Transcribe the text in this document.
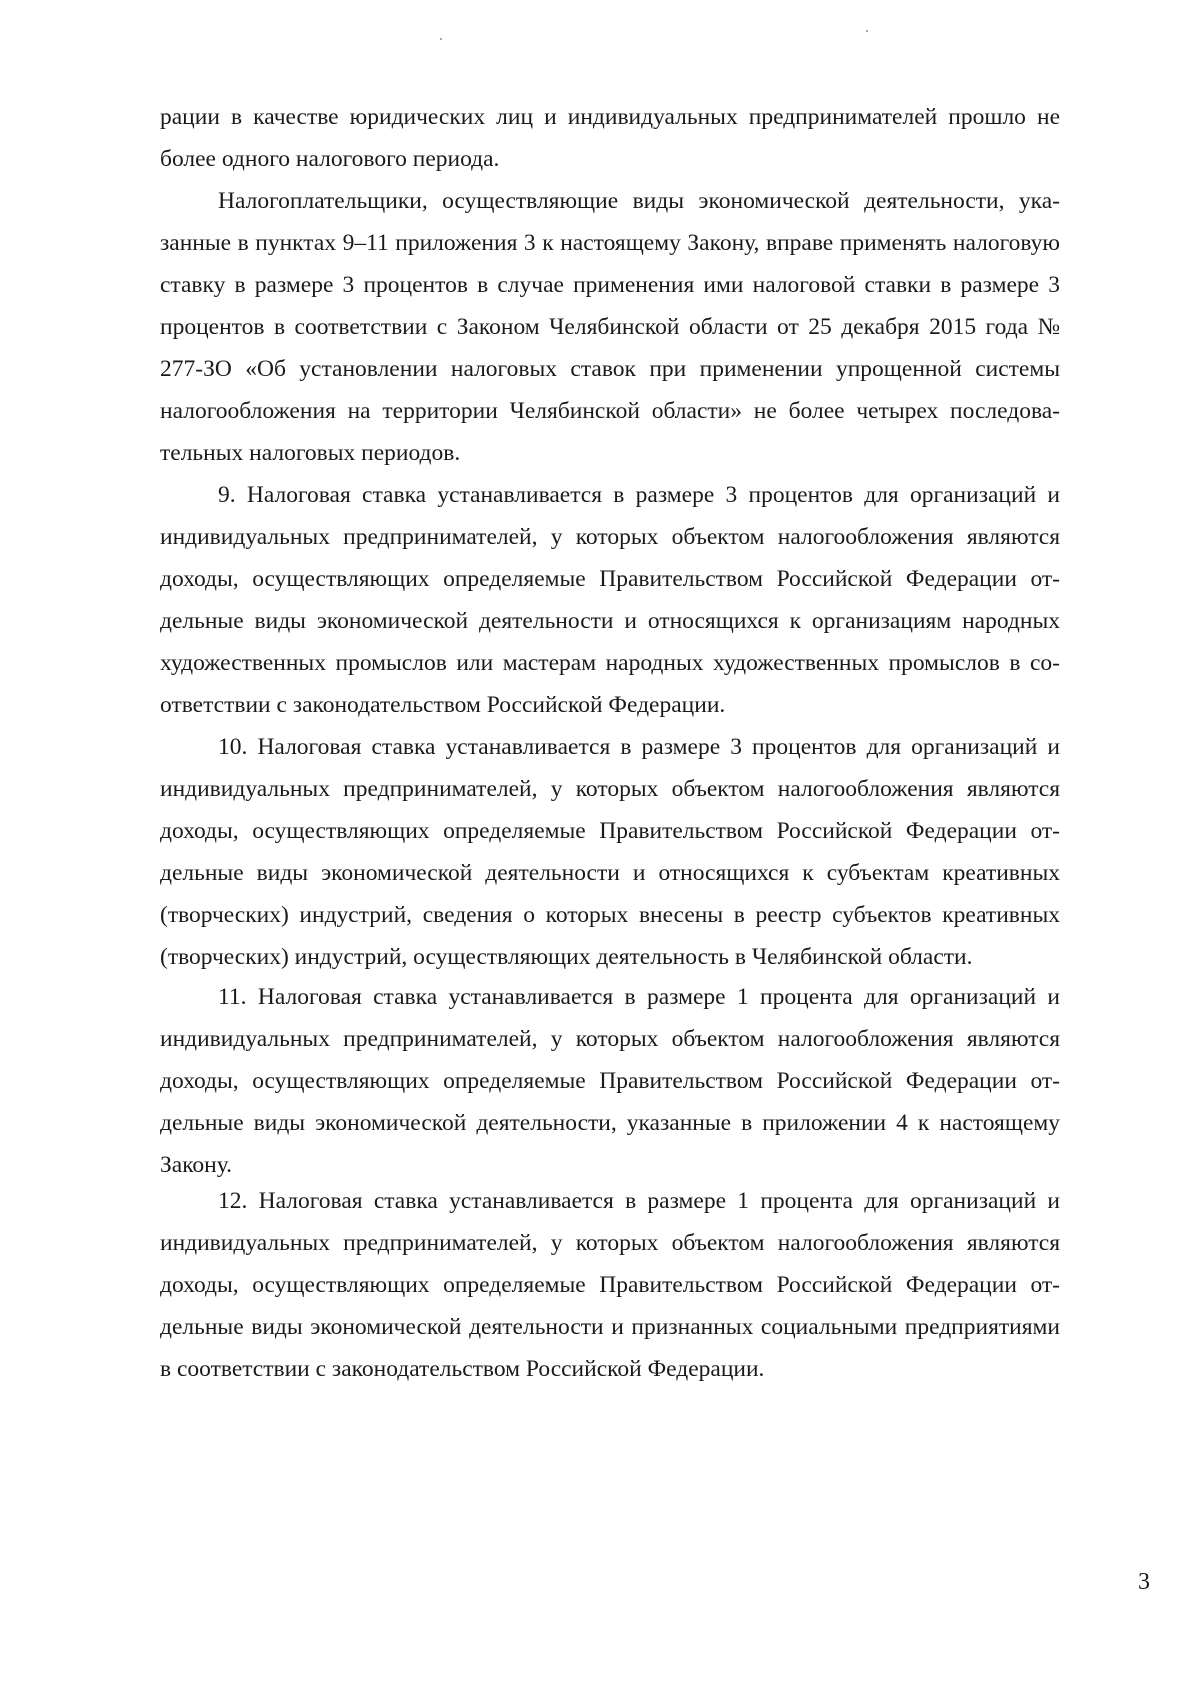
рации в качестве юридических лиц и индивидуальных предпринимателей прошло не более одного налогового периода.

Налогоплательщики, осуществляющие виды экономической деятельности, указанные в пунктах 9–11 приложения 3 к настоящему Закону, вправе применять налоговую ставку в размере 3 процентов в случае применения ими налоговой ставки в размере 3 процентов в соответствии с Законом Челябинской области от 25 декабря 2015 года № 277-ЗО «Об установлении налоговых ставок при применении упрощенной системы налогообложения на территории Челябинской области» не более четырех последовательных налоговых периодов.

9. Налоговая ставка устанавливается в размере 3 процентов для организаций и индивидуальных предпринимателей, у которых объектом налогообложения являются доходы, осуществляющих определяемые Правительством Российской Федерации отдельные виды экономической деятельности и относящихся к организациям народных художественных промыслов или мастерам народных художественных промыслов в соответствии с законодательством Российской Федерации.

10. Налоговая ставка устанавливается в размере 3 процентов для организаций и индивидуальных предпринимателей, у которых объектом налогообложения являются доходы, осуществляющих определяемые Правительством Российской Федерации отдельные виды экономической деятельности и относящихся к субъектам креативных (творческих) индустрий, сведения о которых внесены в реестр субъектов креативных (творческих) индустрий, осуществляющих деятельность в Челябинской области.

11. Налоговая ставка устанавливается в размере 1 процента для организаций и индивидуальных предпринимателей, у которых объектом налогообложения являются доходы, осуществляющих определяемые Правительством Российской Федерации отдельные виды экономической деятельности, указанные в приложении 4 к настоящему Закону.

12. Налоговая ставка устанавливается в размере 1 процента для организаций и индивидуальных предпринимателей, у которых объектом налогообложения являются доходы, осуществляющих определяемые Правительством Российской Федерации отдельные виды экономической деятельности и признанных социальными предприятиями в соответствии с законодательством Российской Федерации.

3
